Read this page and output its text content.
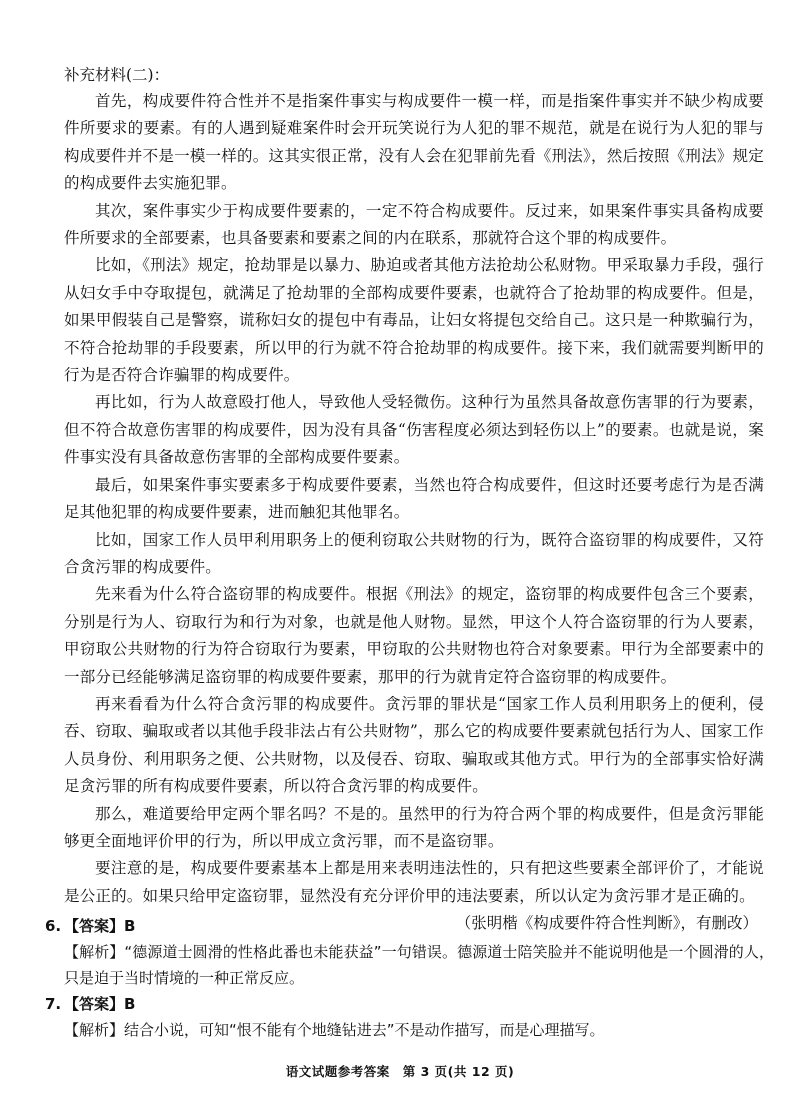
补充材料(二)：

首先，构成要件符合性并不是指案件事实与构成要件一模一样，而是指案件事实并不缺少构成要件所要求的要素。有的人遇到疑难案件时会开玩笑说行为人犯的罪不规范，就是在说行为人犯的罪与构成要件并不是一模一样的。这其实很正常，没有人会在犯罪前先看《刑法》，然后按照《刑法》规定的构成要件去实施犯罪。

其次，案件事实少于构成要件要素的，一定不符合构成要件。反过来，如果案件事实具备构成要件所要求的全部要素，也具备要素和要素之间的内在联系，那就符合这个罪的构成要件。

比如，《刑法》规定，抢劫罪是以暴力、胁迫或者其他方法抢劫公私财物。甲采取暴力手段，强行从妇女手中夺取提包，就满足了抢劫罪的全部构成要件要素，也就符合了抢劫罪的构成要件。但是，如果甲假装自己是警察，谎称妇女的提包中有毒品，让妇女将提包交给自己。这只是一种欺骗行为，不符合抢劫罪的手段要素，所以甲的行为就不符合抢劫罪的构成要件。接下来，我们就需要判断甲的行为是否符合诈骗罪的构成要件。

再比如，行为人故意殴打他人，导致他人受轻微伤。这种行为虽然具备故意伤害罪的行为要素，但不符合故意伤害罪的构成要件，因为没有具备“伤害程度必须达到轻伤以上”的要素。也就是说，案件事实没有具备故意伤害罪的全部构成要件要素。

最后，如果案件事实要素多于构成要件要素，当然也符合构成要件，但这时还要考虑行为是否满足其他犯罪的构成要件要素，进而触犯其他罪名。

比如，国家工作人员甲利用职务上的便利窃取公共财物的行为，既符合盗窃罪的构成要件，又符合贪污罪的构成要件。

先来看为什么符合盗窃罪的构成要件。根据《刑法》的规定，盗窃罪的构成要件包含三个要素，分别是行为人、窃取行为和行为对象，也就是他人财物。显然，甲这个人符合盗窃罪的行为人要素，甲窃取公共财物的行为符合窃取行为要素，甲窃取的公共财物也符合对象要素。甲行为全部要素中的一部分已经能够满足盗窃罪的构成要件要素，那甲的行为就肯定符合盗窃罪的构成要件。

再来看看为什么符合贪污罪的构成要件。贪污罪的罪状是“国家工作人员利用职务上的便利，侵吞、窃取、骗取或者以其他手段非法占有公共财物”，那么它的构成要件要素就包括行为人、国家工作人员身份、利用职务之便、公共财物，以及侵吞、窃取、骗取或其他方式。甲行为的全部事实恰好满足贪污罪的所有构成要件要素，所以符合贪污罪的构成要件。

那么，难道要给甲定两个罪名吗？不是的。虽然甲的行为符合两个罪的构成要件，但是贪污罪能够更全面地评价甲的行为，所以甲成立贪污罪，而不是盗窃罪。

要注意的是，构成要件要素基本上都是用来表明违法性的，只有把这些要素全部评价了，才能说是公正的。如果只给甲定盗窃罪，显然没有充分评价甲的违法要素，所以认定为贪污罪才是正确的。

（张明楷《构成要件符合性判断》，有删改）

6. 【答案】B

【解析】“德源道士圆滑的性格此番也未能获益”一句错误。德源道士陪笑脸并不能说明他是一个圆滑的人，只是迫于当时情境的一种正常反应。

7. 【答案】B

【解析】结合小说，可知“恨不能有个地缝钻进去”不是动作描写，而是心理描写。

语文试题参考答案　第 3 页(共 12 页)
